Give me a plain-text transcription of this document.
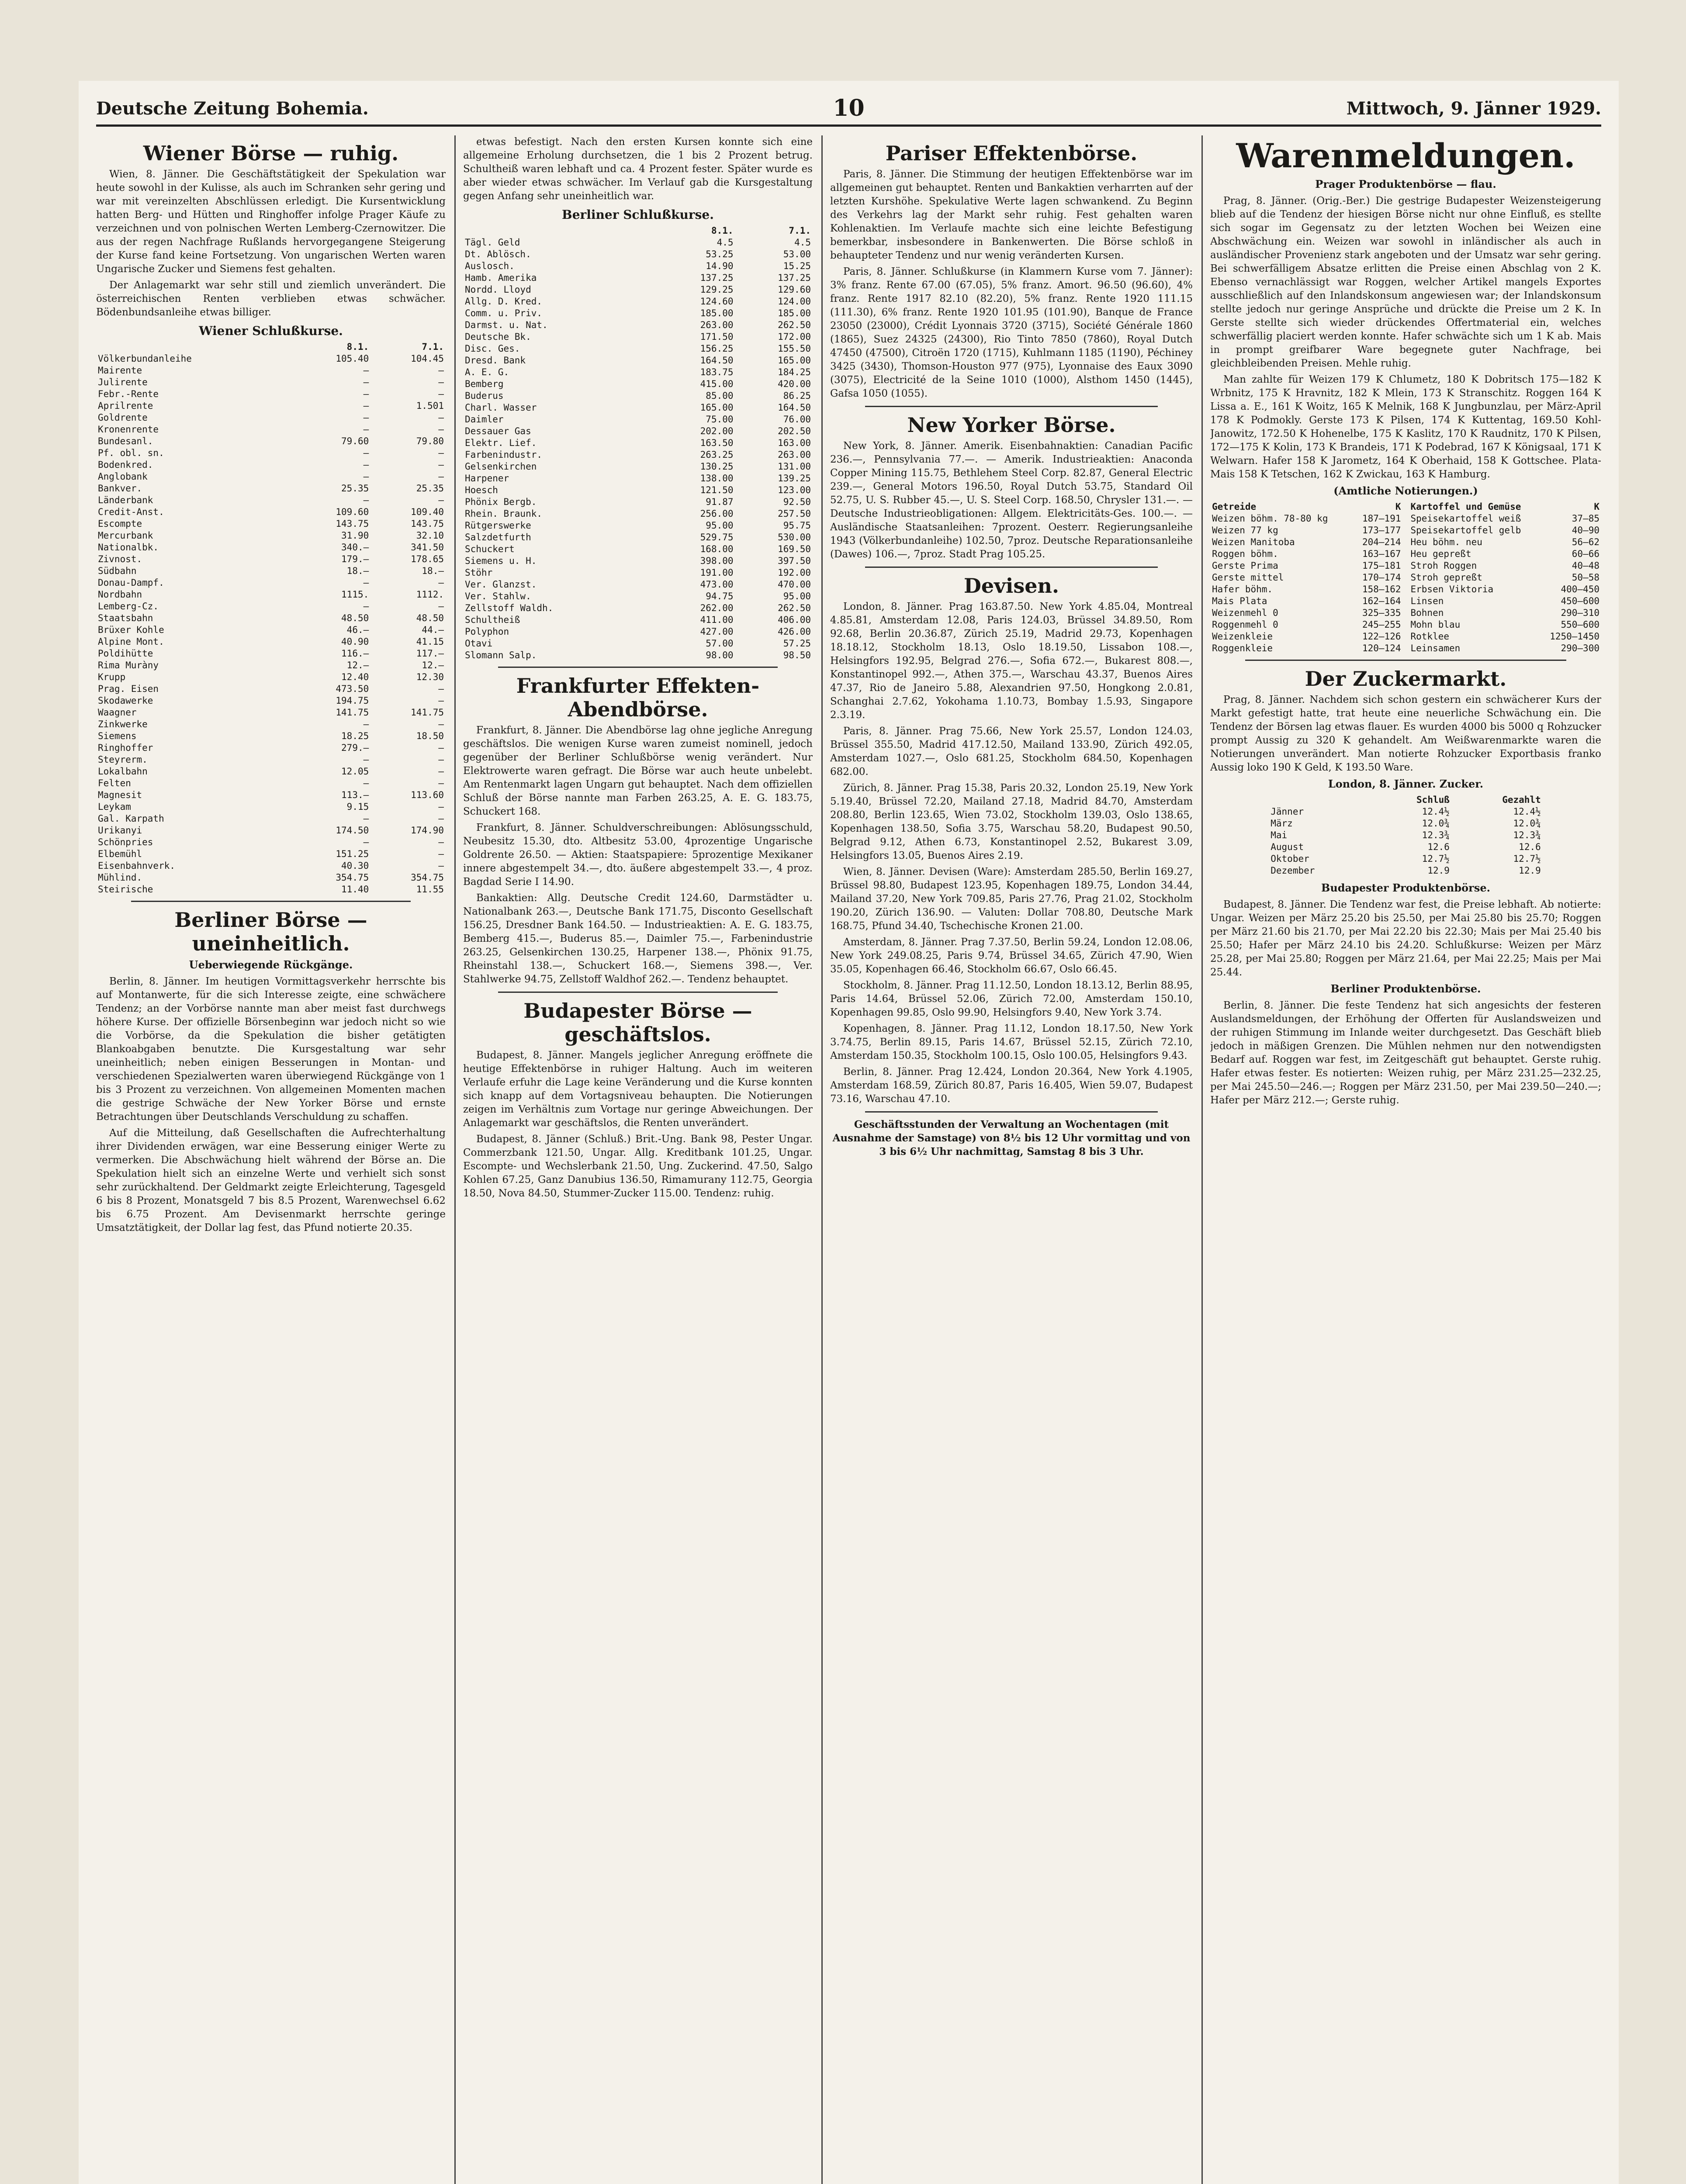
Deutsche Zeitung Bohemia.	10	Mittwoch, 9. Jänner 1929.
Wiener Börse — ruhig.

Wien, 8. Jänner. Die Geschäftstätigkeit der Spekulation war heute sowohl in der Kulisse, als auch im Schranken sehr gering und war mit vereinzelten Abschlüssen erledigt. Die Kursentwicklung hatten Berg- und Hütten und Ringhoffer infolge Prager Käufe zu verzeichnen und von polnischen Werten Lemberg-Czernowitzer. Die aus der regen Nachfrage Rußlands hervorgegangene Steigerung der Kurse fand keine Fortsetzung. Von ungarischen Werten waren Ungarische Zucker und Siemens fest gehalten.

Der Anlagemarkt war sehr still und ziemlich unverändert. Die österreichischen Renten verblieben etwas schwächer. Bödenbundsanleihe etwas billiger.

Wiener Schlußkurse.
	8.1.	7.1.
Völkerbundanleihe	105.40	104.45
Mairente	—	—
Julirente	—	—
Febr.-Rente	—	—
Aprilrente	—	1.501
Goldrente	—	—
Kronenrente	—	—
Bundesanl.	79.60	79.80
Pf. obl. sn.	—	—
Bodenkred.	—	—
Anglobank	—	—
Bankver.	25.35	25.35
Länderbank	—	—
Credit-Anst.	109.60	109.40
Escompte	143.75	143.75
Mercurbank	31.90	32.10
Nationalbk.	340.—	341.50
Zivnost.	179.—	178.65
Südbahn	18.—	18.—
Donau-Dampf.	—	—
Nordbahn	1115.	1112.
Lemberg-Cz.	—	—
Staatsbahn	48.50	48.50
Brüxer Kohle	46.—	44.—
Alpine Mont.	40.90	41.15
Poldihütte	116.—	117.—
Rima Muràny	12.—	12.—
Krupp	12.40	12.30
Prag. Eisen	473.50	—
Skodawerke	194.75	—
Waagner	141.75	141.75
Zinkwerke	—	—
Siemens	18.25	18.50
Ringhoffer	279.—	—
Steyrerm.	—	—
Lokalbahn	12.05	—
Felten	—	—
Magnesit	113.—	113.60
Leykam	9.15	—
Gal. Karpath	—	—
Urikanyi	174.50	174.90
Schönpries	—	—
Elbemühl	151.25	—
Eisenbahnverk.	40.30	—
Mühlind.	354.75	354.75
Steirische	11.40	11.55
Berliner Börse — uneinheitlich.
Ueberwiegende Rückgänge.

Berlin, 8. Jänner. Im heutigen Vormittagsverkehr herrschte bis auf Montanwerte, für die sich Interesse zeigte, eine schwächere Tendenz; an der Vorbörse nannte man aber meist fast durchwegs höhere Kurse. Der offizielle Börsenbeginn war jedoch nicht so wie die Vorbörse, da die Spekulation die bisher getätigten Blankoabgaben benutzte. Die Kursgestaltung war sehr uneinheitlich; neben einigen Besserungen in Montan- und verschiedenen Spezialwerten waren überwiegend Rückgänge von 1 bis 3 Prozent zu verzeichnen. Von allgemeinen Momenten machen die gestrige Schwäche der New Yorker Börse und ernste Betrachtungen über Deutschlands Verschuldung zu schaffen.

Auf die Mitteilung, daß Gesellschaften die Aufrechterhaltung ihrer Dividenden erwägen, war eine Besserung einiger Werte zu vermerken. Die Abschwächung hielt während der Börse an. Die Spekulation hielt sich an einzelne Werte und verhielt sich sonst sehr zurückhaltend. Der Geldmarkt zeigte Erleichterung, Tagesgeld 6 bis 8 Prozent, Monatsgeld 7 bis 8.5 Prozent, Warenwechsel 6.62 bis 6.75 Prozent. Am Devisenmarkt herrschte geringe Umsatztätigkeit, der Dollar lag fest, das Pfund notierte 20.35.

etwas befestigt. Nach den ersten Kursen konnte sich eine allgemeine Erholung durchsetzen, die 1 bis 2 Prozent betrug. Schultheiß waren lebhaft und ca. 4 Prozent fester. Später wurde es aber wieder etwas schwächer. Im Verlauf gab die Kursgestaltung gegen Anfang sehr uneinheitlich war.

Berliner Schlußkurse.
	8.1.	7.1.
Tägl. Geld	4.5	4.5
Dt. Ablösch.	53.25	53.00
Auslosch.	14.90	15.25
Hamb. Amerika	137.25	137.25
Nordd. Lloyd	129.25	129.60
Allg. D. Kred.	124.60	124.00
Comm. u. Priv.	185.00	185.00
Darmst. u. Nat.	263.00	262.50
Deutsche Bk.	171.50	172.00
Disc. Ges.	156.25	155.50
Dresd. Bank	164.50	165.00
A. E. G.	183.75	184.25
Bemberg	415.00	420.00
Buderus	85.00	86.25
Charl. Wasser	165.00	164.50
Daimler	75.00	76.00
Dessauer Gas	202.00	202.50
Elektr. Lief.	163.50	163.00
Farbenindustr.	263.25	263.00
Gelsenkirchen	130.25	131.00
Harpener	138.00	139.25
Hoesch	121.50	123.00
Phönix Bergb.	91.87	92.50
Rhein. Braunk.	256.00	257.50
Rütgerswerke	95.00	95.75
Salzdetfurth	529.75	530.00
Schuckert	168.00	169.50
Siemens u. H.	398.00	397.50
Stöhr	191.00	192.00
Ver. Glanzst.	473.00	470.00
Ver. Stahlw.	94.75	95.00
Zellstoff Waldh.	262.00	262.50
Schultheiß	411.00	406.00
Polyphon	427.00	426.00
Otavi	57.00	57.25
Slomann Salp.	98.00	98.50
Frankfurter Effekten-Abendbörse.

Frankfurt, 8. Jänner. Die Abendbörse lag ohne jegliche Anregung geschäftslos. Die wenigen Kurse waren zumeist nominell, jedoch gegenüber der Berliner Schlußbörse wenig verändert. Nur Elektrowerte waren gefragt. Die Börse war auch heute unbelebt. Am Rentenmarkt lagen Ungarn gut behauptet. Nach dem offiziellen Schluß der Börse nannte man Farben 263.25, A. E. G. 183.75, Schuckert 168.

Frankfurt, 8. Jänner. Schuldverschreibungen: Ablösungsschuld, Neubesitz 15.30, dto. Altbesitz 53.00, 4prozentige Ungarische Goldrente 26.50. — Aktien: Staatspapiere: 5prozentige Mexikaner innere abgestempelt 34.—, dto. äußere abgestempelt 33.—, 4 proz. Bagdad Serie I 14.90.

Bankaktien: Allg. Deutsche Credit 124.60, Darmstädter u. Nationalbank 263.—, Deutsche Bank 171.75, Disconto Gesellschaft 156.25, Dresdner Bank 164.50. — Industrieaktien: A. E. G. 183.75, Bemberg 415.—, Buderus 85.—, Daimler 75.—, Farbenindustrie 263.25, Gelsenkirchen 130.25, Harpener 138.—, Phönix 91.75, Rheinstahl 138.—, Schuckert 168.—, Siemens 398.—, Ver. Stahlwerke 94.75, Zellstoff Waldhof 262.—. Tendenz behauptet.

Budapester Börse — geschäftslos.

Budapest, 8. Jänner. Mangels jeglicher Anregung eröffnete die heutige Effektenbörse in ruhiger Haltung. Auch im weiteren Verlaufe erfuhr die Lage keine Veränderung und die Kurse konnten sich knapp auf dem Vortagsniveau behaupten. Die Notierungen zeigen im Verhältnis zum Vortage nur geringe Abweichungen. Der Anlagemarkt war geschäftslos, die Renten unverändert.

Budapest, 8. Jänner (Schluß.) Brit.-Ung. Bank 98, Pester Ungar. Commerzbank 121.50, Ungar. Allg. Kreditbank 101.25, Ungar. Escompte- und Wechslerbank 21.50, Ung. Zuckerind. 47.50, Salgo Kohlen 67.25, Ganz Danubius 136.50, Rimamurany 112.75, Georgia 18.50, Nova 84.50, Stummer-Zucker 115.00. Tendenz: ruhig.

Pariser Effektenbörse.

Paris, 8. Jänner. Die Stimmung der heutigen Effektenbörse war im allgemeinen gut behauptet. Renten und Bankaktien verharrten auf der letzten Kurshöhe. Spekulative Werte lagen schwankend. Zu Beginn des Verkehrs lag der Markt sehr ruhig. Fest gehalten waren Kohlenaktien. Im Verlaufe machte sich eine leichte Befestigung bemerkbar, insbesondere in Bankenwerten. Die Börse schloß in behaupteter Tendenz und nur wenig veränderten Kursen.

Paris, 8. Jänner. Schlußkurse (in Klammern Kurse vom 7. Jänner): 3% franz. Rente 67.00 (67.05), 5% franz. Amort. 96.50 (96.60), 4% franz. Rente 1917 82.10 (82.20), 5% franz. Rente 1920 111.15 (111.30), 6% franz. Rente 1920 101.95 (101.90), Banque de France 23050 (23000), Crédit Lyonnais 3720 (3715), Société Générale 1860 (1865), Suez 24325 (24300), Rio Tinto 7850 (7860), Royal Dutch 47450 (47500), Citroën 1720 (1715), Kuhlmann 1185 (1190), Péchiney 3425 (3430), Thomson-Houston 977 (975), Lyonnaise des Eaux 3090 (3075), Electricité de la Seine 1010 (1000), Alsthom 1450 (1445), Gafsa 1050 (1055).

New Yorker Börse.

New York, 8. Jänner. Amerik. Eisenbahnaktien: Canadian Pacific 236.—, Pennsylvania 77.—. — Amerik. Industrieaktien: Anaconda Copper Mining 115.75, Bethlehem Steel Corp. 82.87, General Electric 239.—, General Motors 196.50, Royal Dutch 53.75, Standard Oil 52.75, U. S. Rubber 45.—, U. S. Steel Corp. 168.50, Chrysler 131.—. — Deutsche Industrieobligationen: Allgem. Elektricitäts-Ges. 100.—. — Ausländische Staatsanleihen: 7prozent. Oesterr. Regierungsanleihe 1943 (Völkerbundanleihe) 102.50, 7proz. Deutsche Reparationsanleihe (Dawes) 106.—, 7proz. Stadt Prag 105.25.

Devisen.

London, 8. Jänner. Prag 163.87.50. New York 4.85.04, Montreal 4.85.81, Amsterdam 12.08, Paris 124.03, Brüssel 34.89.50, Rom 92.68, Berlin 20.36.87, Zürich 25.19, Madrid 29.73, Kopenhagen 18.18.12, Stockholm 18.13, Oslo 18.19.50, Lissabon 108.—, Helsingfors 192.95, Belgrad 276.—, Sofia 672.—, Bukarest 808.—, Konstantinopel 992.—, Athen 375.—, Warschau 43.37, Buenos Aires 47.37, Rio de Janeiro 5.88, Alexandrien 97.50, Hongkong 2.0.81, Schanghai 2.7.62, Yokohama 1.10.73, Bombay 1.5.93, Singapore 2.3.19.

Paris, 8. Jänner. Prag 75.66, New York 25.57, London 124.03, Brüssel 355.50, Madrid 417.12.50, Mailand 133.90, Zürich 492.05, Amsterdam 1027.—, Oslo 681.25, Stockholm 684.50, Kopenhagen 682.00.

Zürich, 8. Jänner. Prag 15.38, Paris 20.32, London 25.19, New York 5.19.40, Brüssel 72.20, Mailand 27.18, Madrid 84.70, Amsterdam 208.80, Berlin 123.65, Wien 73.02, Stockholm 139.03, Oslo 138.65, Kopenhagen 138.50, Sofia 3.75, Warschau 58.20, Budapest 90.50, Belgrad 9.12, Athen 6.73, Konstantinopel 2.52, Bukarest 3.09, Helsingfors 13.05, Buenos Aires 2.19.

Wien, 8. Jänner. Devisen (Ware): Amsterdam 285.50, Berlin 169.27, Brüssel 98.80, Budapest 123.95, Kopenhagen 189.75, London 34.44, Mailand 37.20, New York 709.85, Paris 27.76, Prag 21.02, Stockholm 190.20, Zürich 136.90. — Valuten: Dollar 708.80, Deutsche Mark 168.75, Pfund 34.40, Tschechische Kronen 21.00.

Amsterdam, 8. Jänner. Prag 7.37.50, Berlin 59.24, London 12.08.06, New York 249.08.25, Paris 9.74, Brüssel 34.65, Zürich 47.90, Wien 35.05, Kopenhagen 66.46, Stockholm 66.67, Oslo 66.45.

Stockholm, 8. Jänner. Prag 11.12.50, London 18.13.12, Berlin 88.95, Paris 14.64, Brüssel 52.06, Zürich 72.00, Amsterdam 150.10, Kopenhagen 99.85, Oslo 99.90, Helsingfors 9.40, New York 3.74.

Kopenhagen, 8. Jänner. Prag 11.12, London 18.17.50, New York 3.74.75, Berlin 89.15, Paris 14.67, Brüssel 52.15, Zürich 72.10, Amsterdam 150.35, Stockholm 100.15, Oslo 100.05, Helsingfors 9.43.

Berlin, 8. Jänner. Prag 12.424, London 20.364, New York 4.1905, Amsterdam 168.59, Zürich 80.87, Paris 16.405, Wien 59.07, Budapest 73.16, Warschau 47.10.

Geschäftsstunden der Verwaltung an Wochentagen (mit Ausnahme der Samstage) von 8½ bis 12 Uhr vormittag und von 3 bis 6½ Uhr nachmittag, Samstag 8 bis 3 Uhr.

Warenmeldungen.
Prager Produktenbörse — flau.

Prag, 8. Jänner. (Orig.-Ber.) Die gestrige Budapester Weizensteigerung blieb auf die Tendenz der hiesigen Börse nicht nur ohne Einfluß, es stellte sich sogar im Gegensatz zu der letzten Wochen bei Weizen eine Abschwächung ein. Weizen war sowohl in inländischer als auch in ausländischer Provenienz stark angeboten und der Umsatz war sehr gering. Bei schwerfälligem Absatze erlitten die Preise einen Abschlag von 2 K. Ebenso vernachlässigt war Roggen, welcher Artikel mangels Exportes ausschließlich auf den Inlandskonsum angewiesen war; der Inlandskonsum stellte jedoch nur geringe Ansprüche und drückte die Preise um 2 K. In Gerste stellte sich wieder drückendes Offertmaterial ein, welches schwerfällig placiert werden konnte. Hafer schwächte sich um 1 K ab. Mais in prompt greifbarer Ware begegnete guter Nachfrage, bei gleichbleibenden Preisen. Mehle ruhig.

Man zahlte für Weizen 179 K Chlumetz, 180 K Dobritsch 175—182 K Wrbnitz, 175 K Hravnitz, 182 K Mlein, 173 K Stranschitz. Roggen 164 K Lissa a. E., 161 K Woitz, 165 K Melnik, 168 K Jungbunzlau, per März-April 178 K Podmokly. Gerste 173 K Pilsen, 174 K Kuttentag, 169.50 Kohl-Janowitz, 172.50 K Hohenelbe, 175 K Kaslitz, 170 K Raudnitz, 170 K Pilsen, 172—175 K Kolin, 173 K Brandeis, 171 K Podebrad, 167 K Königsaal, 171 K Welwarn. Hafer 158 K Jarometz, 164 K Oberhaid, 158 K Gottschee. Plata-Mais 158 K Tetschen, 162 K Zwickau, 163 K Hamburg.

(Amtliche Notierungen.)
Getreide	K
Weizen böhm. 78-80 kg	187—191
Weizen 77 kg	173—177
Weizen Manitoba	204—214
Roggen böhm.	163—167
Gerste Prima	175—181
Gerste mittel	170—174
Hafer böhm.	158—162
Mais Plata	162—164
Weizenmehl 0	325—335
Roggenmehl 0	245—255
Weizenkleie	122—126
Roggenkleie	120—124
Kartoffel und Gemüse	K
Speisekartoffel weiß	37—85
Speisekartoffel gelb	40—90
Heu böhm. neu	56—62
Heu gepreßt	60—66
Stroh Roggen	40—48
Stroh gepreßt	50—58
Erbsen Viktoria	400—450
Linsen	450—600
Bohnen	290—310
Mohn blau	550—600
Rotklee	1250—1450
Leinsamen	290—300
Der Zuckermarkt.

Prag, 8. Jänner. Nachdem sich schon gestern ein schwächerer Kurs der Markt gefestigt hatte, trat heute eine neuerliche Schwächung ein. Die Tendenz der Börsen lag etwas flauer. Es wurden 4000 bis 5000 q Rohzucker prompt Aussig zu 320 K gehandelt. Am Weißwarenmarkte waren die Notierungen unverändert. Man notierte Rohzucker Exportbasis franko Aussig loko 190 K Geld, K 193.50 Ware.

London, 8. Jänner. Zucker.
	Schluß	Gezahlt
Jänner	12.4½	12.4½
März	12.0¾	12.0¾
Mai	12.3¾	12.3¾
August	12.6	12.6
Oktober	12.7½	12.7½
Dezember	12.9	12.9
Budapester Produktenbörse.

Budapest, 8. Jänner. Die Tendenz war fest, die Preise lebhaft. Ab notierte: Ungar. Weizen per März 25.20 bis 25.50, per Mai 25.80 bis 25.70; Roggen per März 21.60 bis 21.70, per Mai 22.20 bis 22.30; Mais per Mai 25.40 bis 25.50; Hafer per März 24.10 bis 24.20. Schlußkurse: Weizen per März 25.28, per Mai 25.80; Roggen per März 21.64, per Mai 22.25; Mais per Mai 25.44.

Berliner Produktenbörse.

Berlin, 8. Jänner. Die feste Tendenz hat sich angesichts der festeren Auslandsmeldungen, der Erhöhung der Offerten für Auslandsweizen und der ruhigen Stimmung im Inlande weiter durchgesetzt. Das Geschäft blieb jedoch in mäßigen Grenzen. Die Mühlen nehmen nur den notwendigsten Bedarf auf. Roggen war fest, im Zeitgeschäft gut behauptet. Gerste ruhig. Hafer etwas fester. Es notierten: Weizen ruhig, per März 231.25—232.25, per Mai 245.50—246.—; Roggen per März 231.50, per Mai 239.50—240.—; Hafer per März 212.—; Gerste ruhig.
